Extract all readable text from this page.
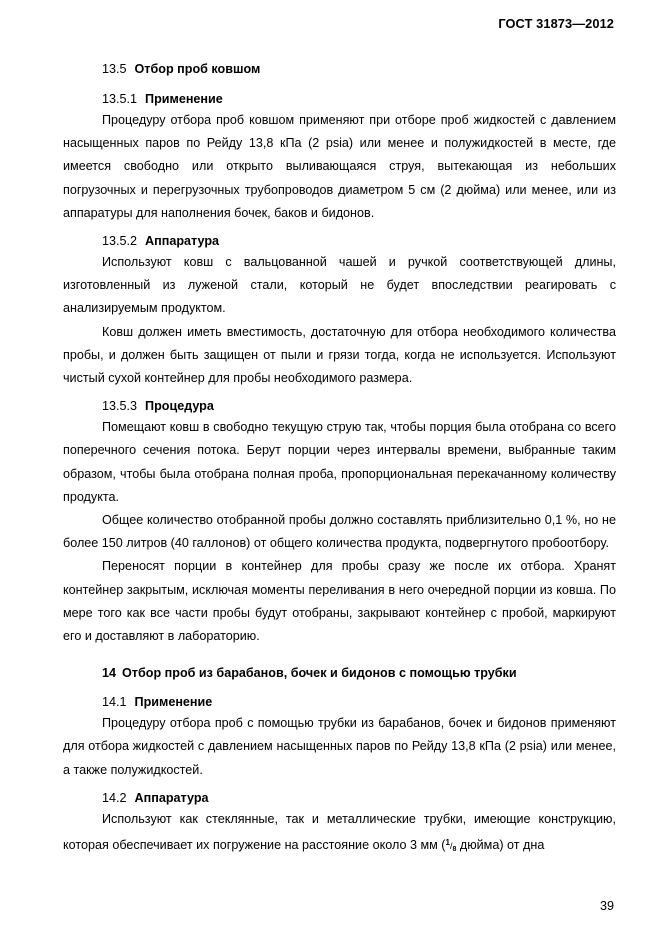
ГОСТ 31873—2012
13.5 Отбор проб ковшом
13.5.1 Применение

Процедуру отбора проб ковшом применяют при отборе проб жидкостей с давлением насыщенных паров по Рейду 13,8 кПа (2 psia) или менее и полужидкостей в месте, где имеется свободно или открыто выливающаяся струя, вытекающая из небольших погрузочных и перегрузочных трубопроводов диаметром 5 см (2 дюйма) или менее, или из аппаратуры для наполнения бочек, баков и бидонов.

13.5.2 Аппаратура

Используют ковш с вальцованной чашей и ручкой соответствующей длины, изготовленный из луженой стали, который не будет впоследствии реагировать с анализируемым продуктом.

Ковш должен иметь вместимость, достаточную для отбора необходимого количества пробы, и должен быть защищен от пыли и грязи тогда, когда не используется. Используют чистый сухой контейнер для пробы необходимого размера.

13.5.3 Процедура

Помещают ковш в свободно текущую струю так, чтобы порция была отобрана со всего поперечного сечения потока. Берут порции через интервалы времени, выбранные таким образом, чтобы была отобрана полная проба, пропорциональная перекачанному количеству продукта.

Общее количество отобранной пробы должно составлять приблизительно 0,1 %, но не более 150 литров (40 галлонов) от общего количества продукта, подвергнутого пробоотбору.

Переносят порции в контейнер для пробы сразу же после их отбора. Хранят контейнер закрытым, исключая моменты переливания в него очередной порции из ковша. По мере того как все части пробы будут отобраны, закрывают контейнер с пробой, маркируют его и доставляют в лабораторию.

14 Отбор проб из барабанов, бочек и бидонов с помощью трубки
14.1 Применение

Процедуру отбора проб с помощью трубки из барабанов, бочек и бидонов применяют для отбора жидкостей с давлением насыщенных паров по Рейду 13,8 кПа (2 psia) или менее, а также полужидкостей.

14.2 Аппаратура

Используют как стеклянные, так и металлические трубки, имеющие конструкцию, которая обеспечивает их погружение на расстояние около 3 мм ($^1/_8$ дюйма) от дна

39
